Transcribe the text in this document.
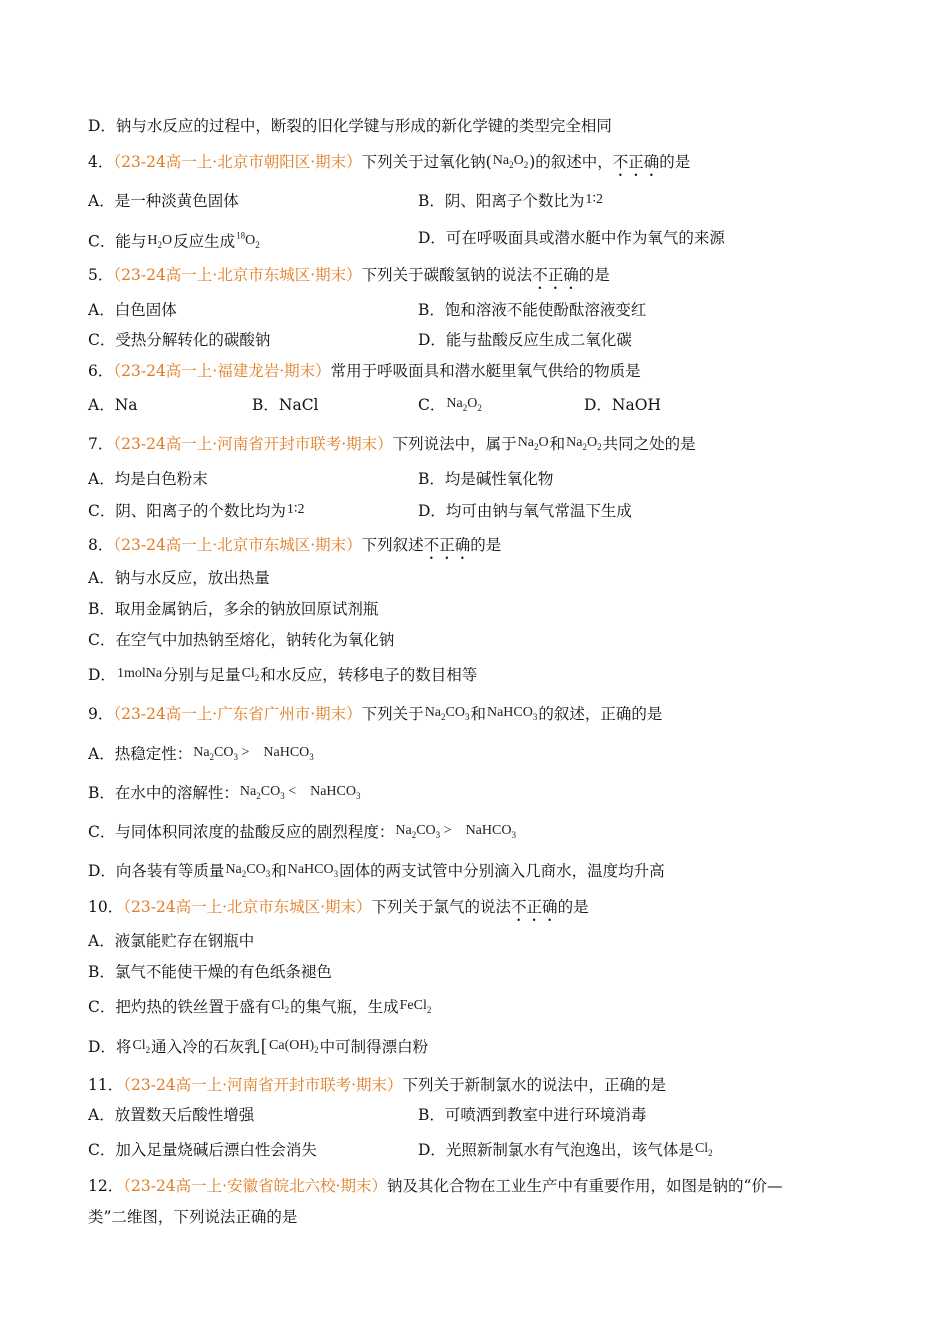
D．钠与水反应的过程中，断裂的旧化学键与形成的新化学键的类型完全相同
4．（23-24高一上·北京市朝阳区·期末）下列关于过氧化钠$(Na_2O_2)$的叙述中，不正确的是
A．是一种淡黄色固体	B．阴、阳离子个数比为1∶2
C．能与$H_2O$反应生成$^{18}O_2$	D．可在呼吸面具或潜水艇中作为氧气的来源
5．（23-24高一上·北京市东城区·期末）下列关于碳酸氢钠的说法不正确的是
A．白色固体	B．饱和溶液不能使酚酞溶液变红
C．受热分解转化的碳酸钠	D．能与盐酸反应生成二氧化碳
6．（23-24高一上·福建龙岩·期末）常用于呼吸面具和潜水艇里氧气供给的物质是
A．Na	B．NaCl	C．$Na_2O_2$	D．NaOH
7．（23-24高一上·河南省开封市联考·期末）下列说法中，属于$Na_2O$和$Na_2O_2$共同之处的是
A．均是白色粉末	B．均是碱性氧化物
C．阴、阳离子的个数比均为1∶2	D．均可由钠与氧气常温下生成
8．（23-24高一上·北京市东城区·期末）下列叙述不正确的是
A．钠与水反应，放出热量
B．取用金属钠后，多余的钠放回原试剂瓶
C．在空气中加热钠至熔化，钠转化为氧化钠
D．1molNa分别与足量$Cl_2$和水反应，转移电子的数目相等
9．（23-24高一上·广东省广州市·期末）下列关于$Na_2CO_3$和NaHCO$_3$的叙述，正确的是
A．热稳定性：$Na_2CO_3$ >    NaHCO$_3$
B．在水中的溶解性：$Na_2CO_3$ <    NaHCO$_3$
C．与同体积同浓度的盐酸反应的剧烈程度：$Na_2CO_3$ >    NaHCO$_3$
D．向各装有等质量$Na_2CO_3$和NaHCO$_3$固体的两支试管中分别滴入几商水，温度均升高
10．（23-24高一上·北京市东城区·期末）下列关于氯气的说法不正确的是
A．液氯能贮存在钢瓶中
B．氯气不能使干燥的有色纸条褪色
C．把灼热的铁丝置于盛有$Cl_2$的集气瓶，生成FeCl$_2$
D．将$Cl_2$通入冷的石灰乳[ $Ca(OH)_2$中可制得漂白粉
11．（23-24高一上·河南省开封市联考·期末）下列关于新制氯水的说法中，正确的是
A．放置数天后酸性增强	B．可喷洒到教室中进行环境消毒
C．加入足量烧碱后漂白性会消失	D．光照新制氯水有气泡逸出，该气体是$Cl_2$
12．（23-24高一上·安徽省皖北六校·期末）钠及其化合物在工业生产中有重要作用，如图是钠的“价—
类”二维图，下列说法正确的是
